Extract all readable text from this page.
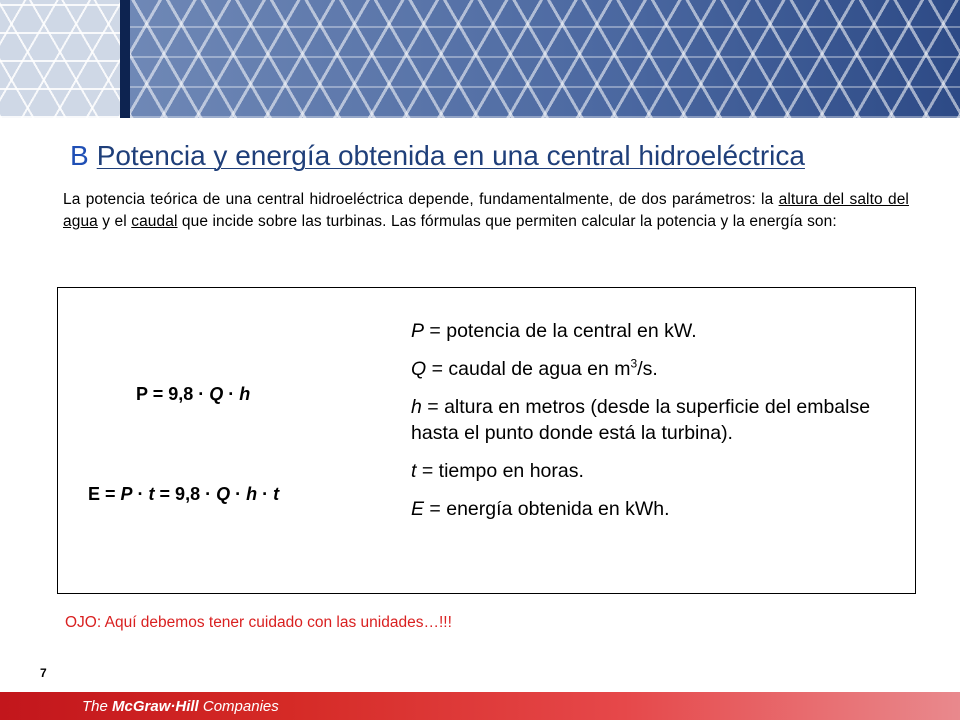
B Potencia y energía obtenida en una central hidroeléctrica
La potencia teórica de una central hidroeléctrica depende, fundamentalmente, de dos parámetros: la altura del salto del agua y el caudal que incide sobre las turbinas. Las fórmulas que permiten calcular la potencia y la energía son:
P = 9,8 · Q · h
E = P · t = 9,8 · Q · h · t

P = potencia de la central en kW.

Q = caudal de agua en $m^3/s$.

h = altura en metros (desde la superficie del embalse hasta el punto donde está la turbina).

t = tiempo en horas.

E = energía obtenida en kWh.

OJO: Aquí debemos tener cuidado con las unidades…!!!
7
The McGraw·Hill Companies
